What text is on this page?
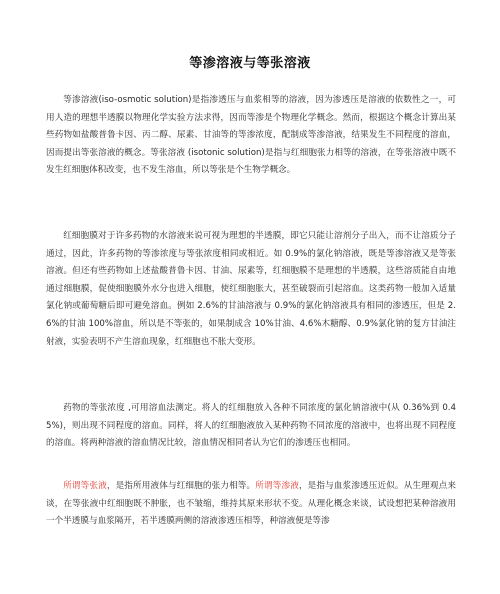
等渗溶液与等张溶液

等渗溶液(iso-osmotic solution)是指渗透压与血浆相等的溶液，因为渗透压是溶液的依数性之一，可用人造的理想半透膜以物理化学实验方法求得，因而等渗是个物理化学概念。然而，根据这个概念计算出某些药物如盐酸普鲁卡因、丙二醇、尿素、甘油等的等渗浓度，配制成等渗溶液，结果发生不同程度的溶血，因而提出等张溶液的概念。等张溶液 (isotonic solution)是指与红细胞张力相等的溶液，在等张溶液中既不发生红细胞体积改变，也不发生溶血，所以等张是个生物学概念。

红细胞膜对于许多药物的水溶液来说可视为理想的半透膜，即它只能让溶剂分子出入，而不让溶质分子通过，因此，许多药物的等渗浓度与等张浓度相同或相近。如 0.9%的氯化钠溶液，既是等渗溶液又是等张溶液。但还有些药物如上述盐酸普鲁卡因、甘油、尿素等，红细胞膜不是理想的半透膜，这些溶质能自由地通过细胞膜，促使细胞膜外水分也进入细胞，使红细胞胀大，甚至破裂而引起溶血。这类药物一般加入适量氯化钠或葡萄糖后即可避免溶血。例如 2.6%的甘油溶液与 0.9%的氯化钠溶液具有相同的渗透压，但是 2.6%的甘油 100%溶血，所以是不等张的，如果制成含 10%甘油、4.6%木糖醇、0.9%氯化钠的复方甘油注射液，实验表明不产生溶血现象，红细胞也不胀大变形。

药物的等张浓度 ,可用溶血法测定。将人的红细胞放入各种不同浓度的氯化钠溶液中(从 0.36%到 0.45%)，则出现不同程度的溶血。同样，将人的红细胞液放入某种药物不同浓度的溶液中，也将出现不同程度的溶血。将两种溶液的溶血情况比较，溶血情况相同者认为它们的渗透压也相同。

所谓等张液，是指所用液体与红细胞的张力相等。所谓等渗液，是指与血浆渗透压近似。从生理观点来谈，在等张液中红细胞既不肿胀，也不皱缩，维持其原来形状不变。从理化概念来谈，试设想把某种溶液用一个半透膜与血浆隔开，若半透膜两侧的溶液渗透压相等，种溶液便是等渗
